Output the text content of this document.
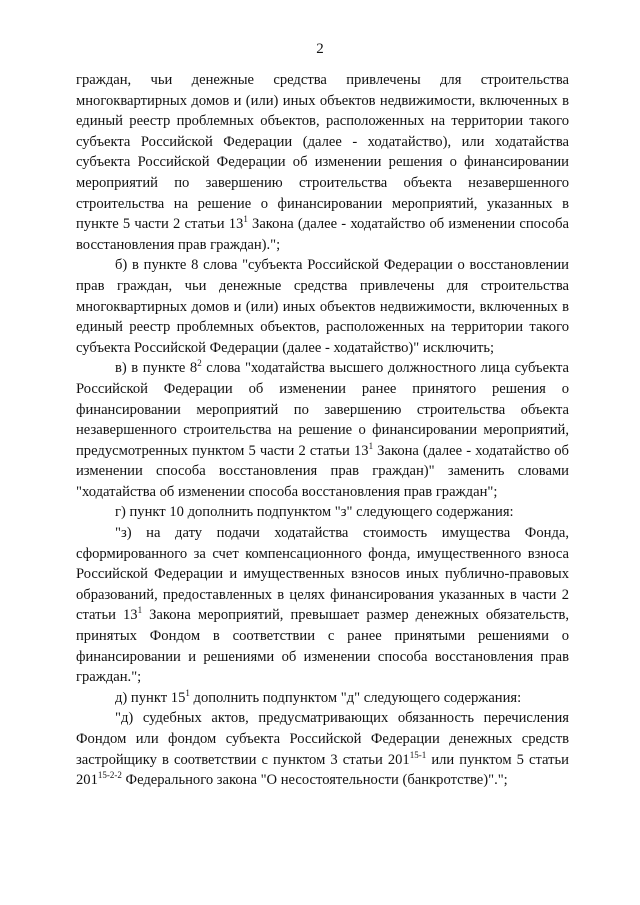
2

граждан, чьи денежные средства привлечены для строительства многоквартирных домов и (или) иных объектов недвижимости, включенных в единый реестр проблемных объектов, расположенных на территории такого субъекта Российской Федерации (далее - ходатайство), или ходатайства субъекта Российской Федерации об изменении решения о финансировании мероприятий по завершению строительства объекта незавершенного строительства на решение о финансировании мероприятий, указанных в пункте 5 части 2 статьи $13^1$ Закона (далее - ходатайство об изменении способа восстановления прав граждан).";

б) в пункте 8 слова "субъекта Российской Федерации о восстановлении прав граждан, чьи денежные средства привлечены для строительства многоквартирных домов и (или) иных объектов недвижимости, включенных в единый реестр проблемных объектов, расположенных на территории такого субъекта Российской Федерации (далее - ходатайство)" исключить;

в) в пункте $8^2$ слова "ходатайства высшего должностного лица субъекта Российской Федерации об изменении ранее принятого решения о финансировании мероприятий по завершению строительства объекта незавершенного строительства на решение о финансировании мероприятий, предусмотренных пунктом 5 части 2 статьи $13^1$ Закона (далее - ходатайство об изменении способа восстановления прав граждан)" заменить словами "ходатайства об изменении способа восстановления прав граждан";

г) пункт 10 дополнить подпунктом "з" следующего содержания:

"з) на дату подачи ходатайства стоимость имущества Фонда, сформированного за счет компенсационного фонда, имущественного взноса Российской Федерации и имущественных взносов иных публично-правовых образований, предоставленных в целях финансирования указанных в части 2 статьи $13^1$ Закона мероприятий, превышает размер денежных обязательств, принятых Фондом в соответствии с ранее принятыми решениями о финансировании и решениями об изменении способа восстановления прав граждан.";

д) пункт $15^1$ дополнить подпунктом "д" следующего содержания:

"д) судебных актов, предусматривающих обязанность перечисления Фондом или фондом субъекта Российской Федерации денежных средств застройщику в соответствии с пунктом 3 статьи 201$^{15-1}$ или пунктом 5 статьи 201$^{15-2-2}$ Федерального закона "О несостоятельности (банкротстве)".";
